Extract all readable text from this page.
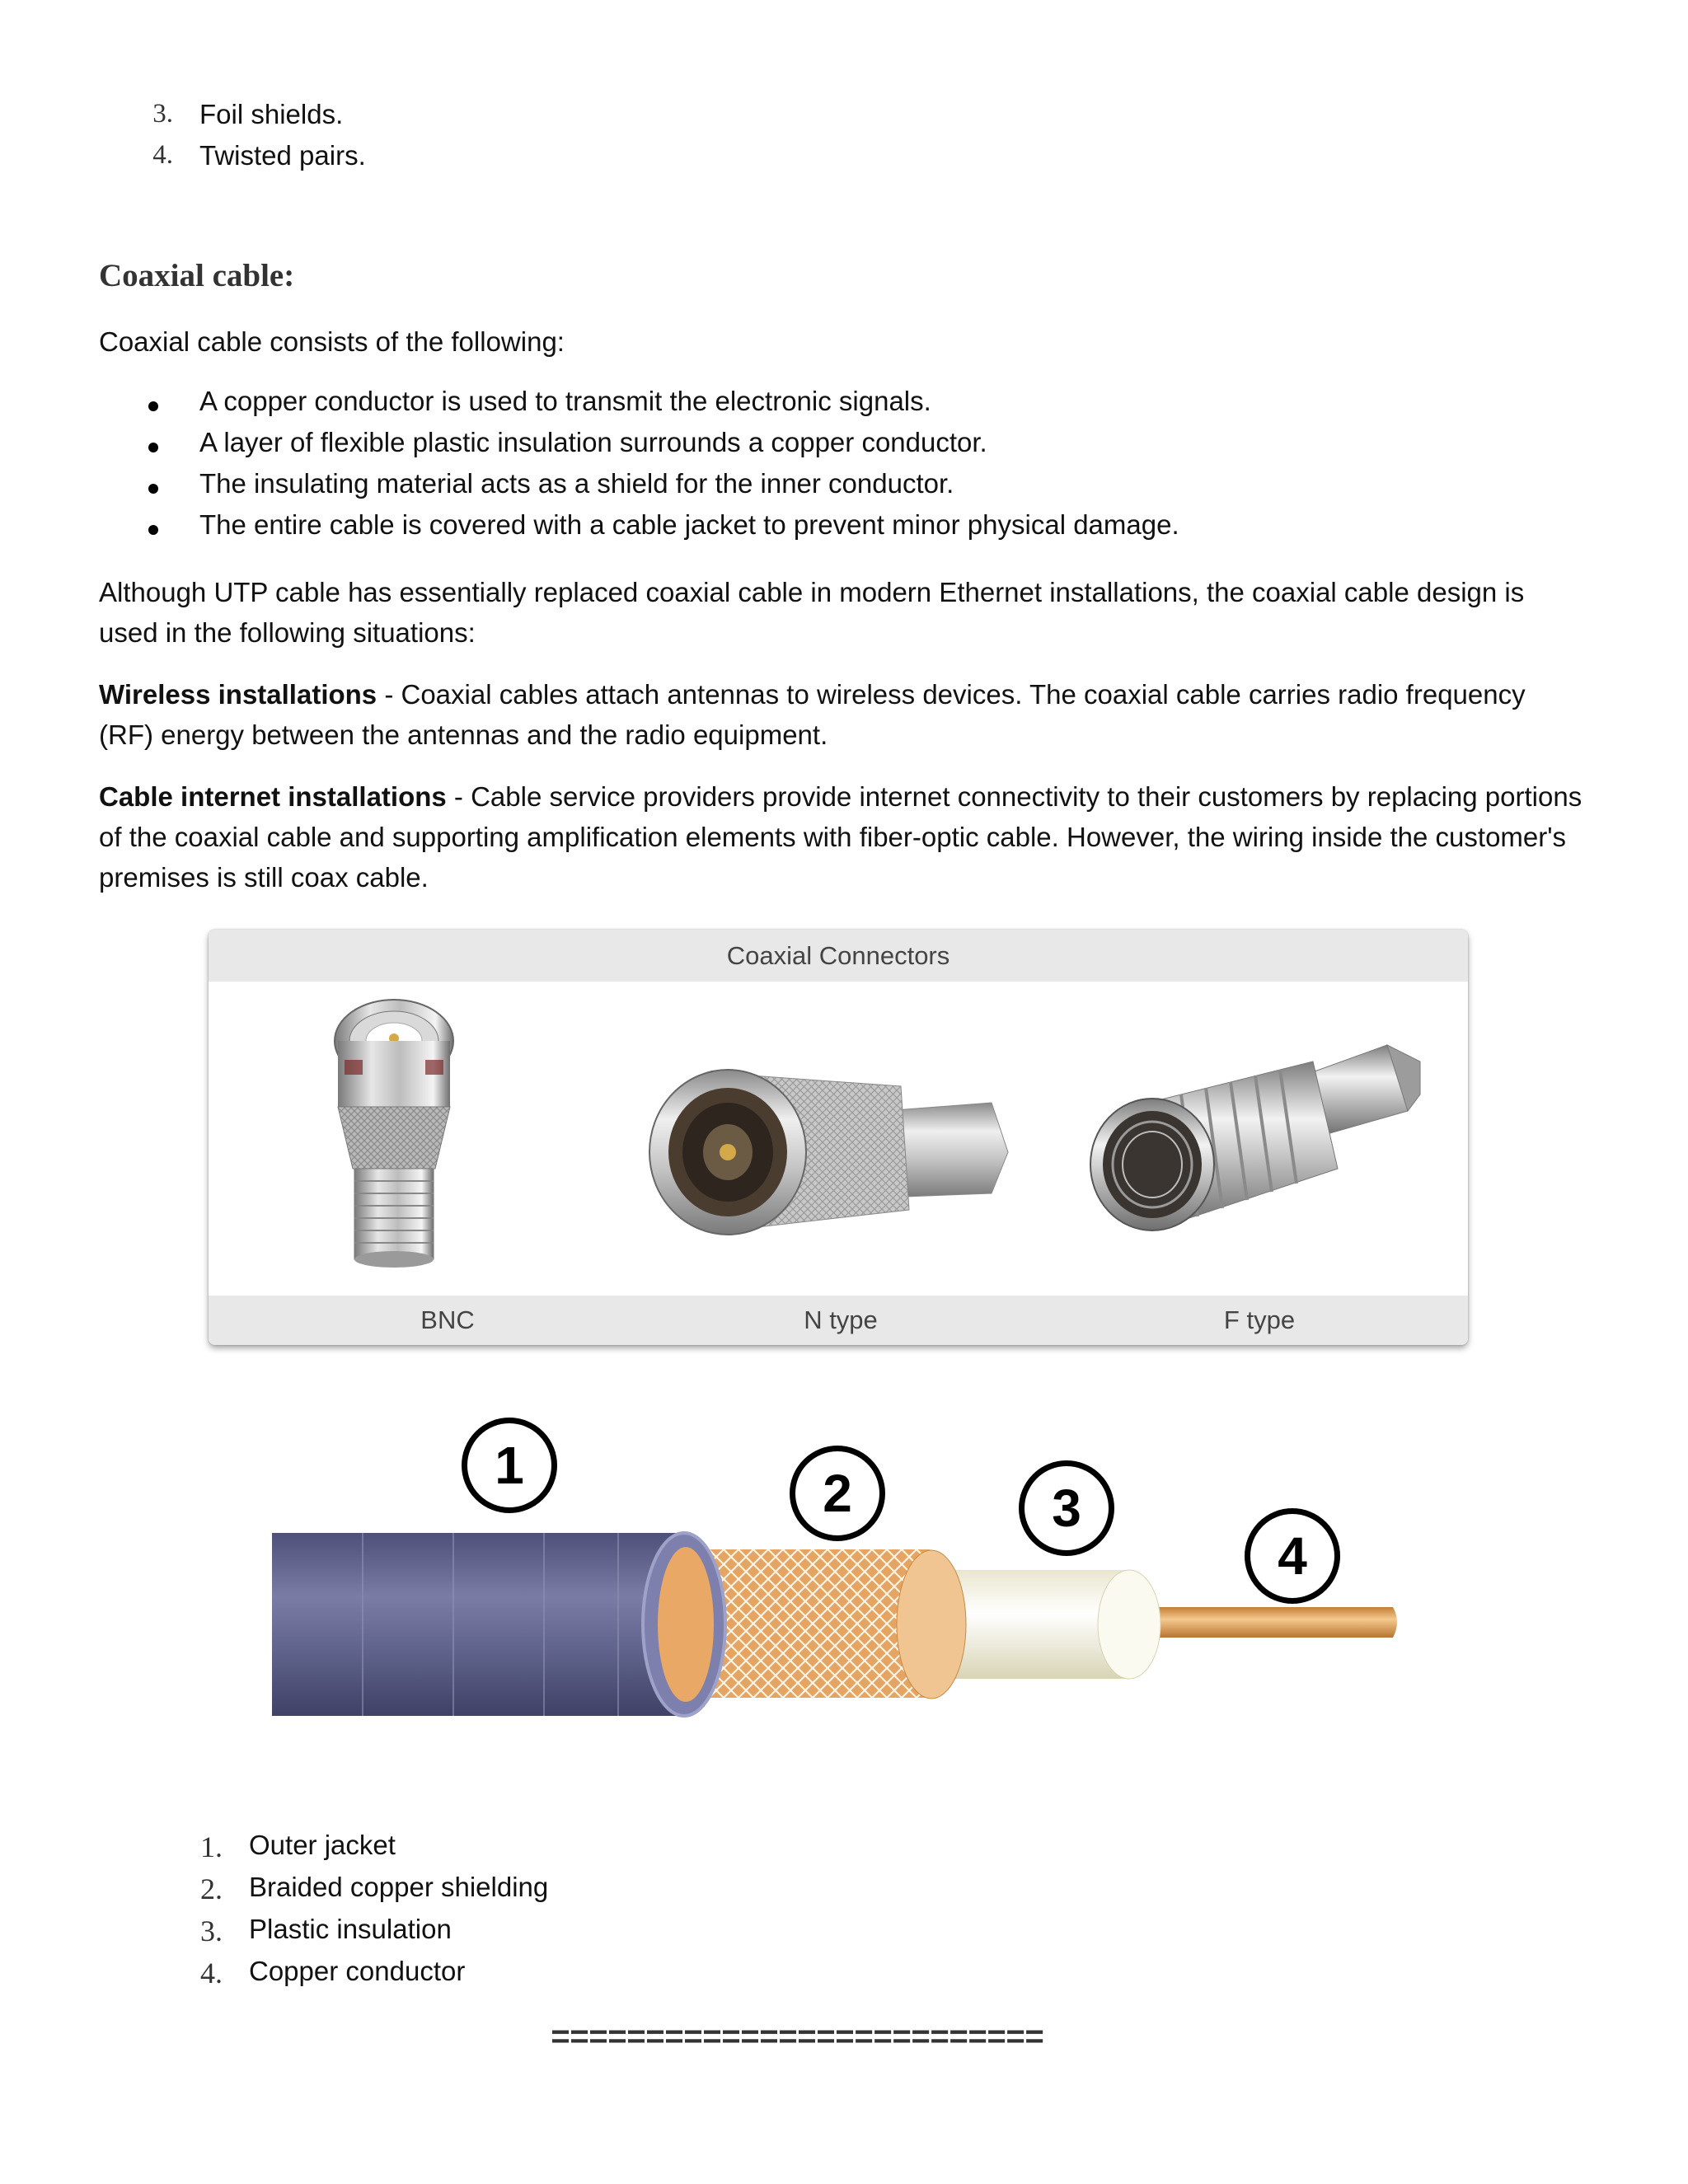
3. Foil shields.
4. Twisted pairs.
Coaxial cable:
Coaxial cable consists of the following:
A copper conductor is used to transmit the electronic signals.
A layer of flexible plastic insulation surrounds a copper conductor.
The insulating material acts as a shield for the inner conductor.
The entire cable is covered with a cable jacket to prevent minor physical damage.
Although UTP cable has essentially replaced coaxial cable in modern Ethernet installations, the coaxial cable design is used in the following situations:
Wireless installations - Coaxial cables attach antennas to wireless devices. The coaxial cable carries radio frequency (RF) energy between the antennas and the radio equipment.
Cable internet installations - Cable service providers provide internet connectivity to their customers by replacing portions of the coaxial cable and supporting amplification elements with fiber-optic cable. However, the wiring inside the customer's premises is still coax cable.
Coaxial Connectors
BNC	N type	F type
1	2	3
4
1. Outer jacket
2. Braided copper shielding
3. Plastic insulation
4. Copper conductor
==========================
